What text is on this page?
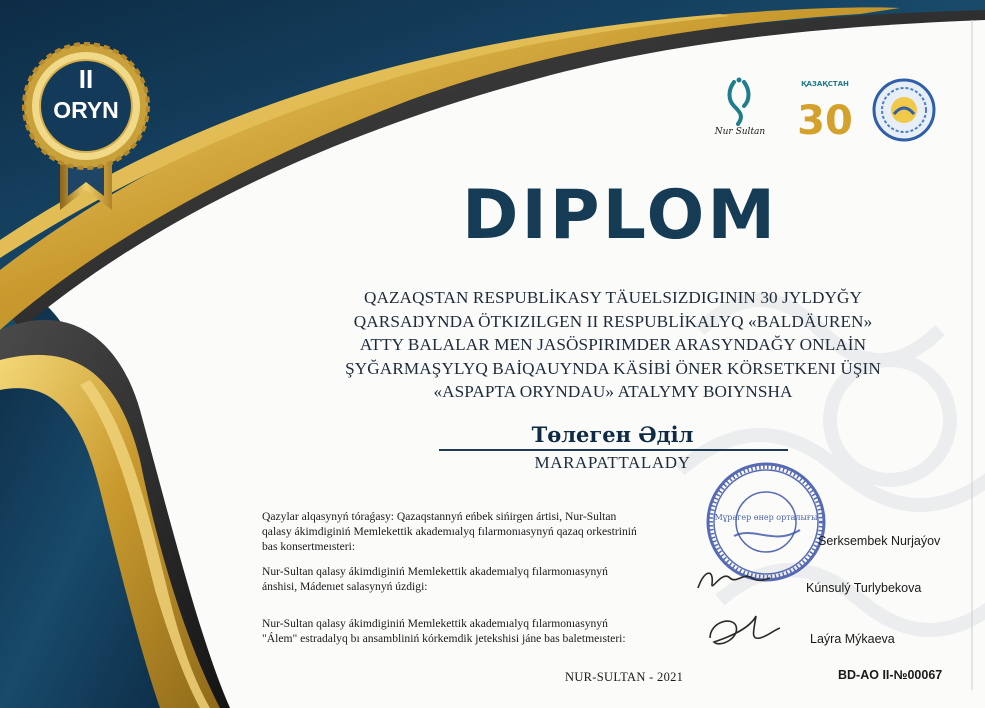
II
ORYN
Nur Sultan
ҚАЗАҚСТАН
30
DIPLOM
QAZAQSTAN RESPUBLİKASY TÄUELSIZDIGININ 30 JYLDYĞY
QARSAŊYNDA ÖTKIZILGEN II RESPUBLİKALYQ «BALDÄUREN»
ATTY BALALAR MEN JASÖSPIRIMDER ARASYNDAĞY ONLAİN
ŞYĞARMAŞYLYQ BAİQAUYNDA KÄSİBİ ÖNER KÖRSETKENI ÜŞIN
«ASPAPTA ORYNDAU» ATALYMY BOIYNSHA
Төлеген Әділ
MARAPATTALADY
Qazylar alqasynyń tóraǵasy: Qazaqstannyń eńbek sińirgen ártisi, Nur-Sultan
qalasy ákimdiginiń Memlekettik akademıalyq fılarmonıasynyń qazaq orkestriniń
bas konsertmeısteri:
Nur-Sultan qalasy ákimdiginiń Memlekettik akademıalyq fılarmonıasynyń
ánshisi, Mádenıet salasynyń úzdigi:
Nur-Sultan qalasy ákimdiginiń Memlekettik akademıalyq fılarmonıasynyń
"Álem" estradalyq bı ansambliniń kórkemdik jetekshisi jáne bas baletmeısteri:
Мұрагер өнер орталығы
Serksembek Nurjaýov
Kúnsulý Turlybekova
Laýra Mýkaeva
NUR-SULTAN - 2021	BD-AO II-№00067
